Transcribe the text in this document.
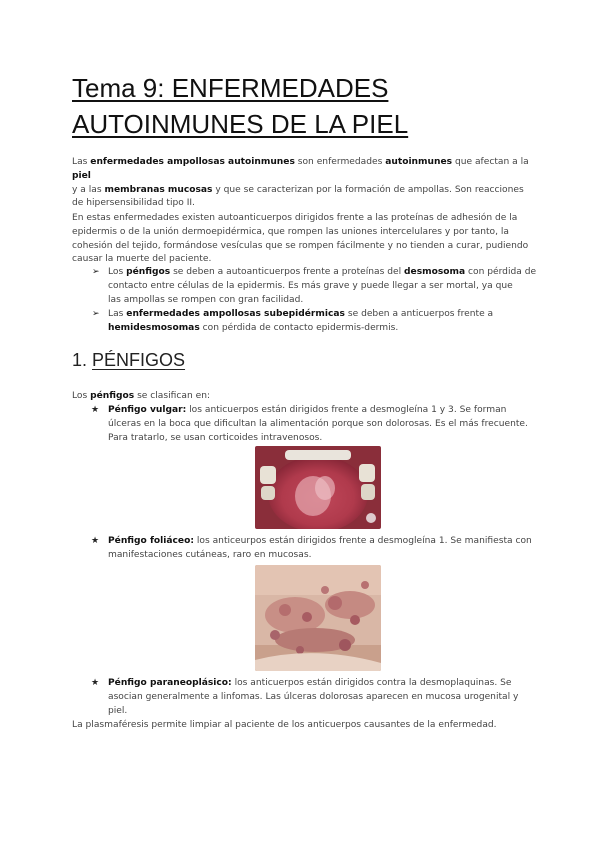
Tema 9: ENFERMEDADES
AUTOINMUNES DE LA PIEL
Las enfermedades ampollosas autoinmunes son enfermedades autoinmunes que afectan a la piel
y a las membranas mucosas y que se caracterizan por la formación de ampollas. Son reacciones
de hipersensibilidad tipo II.
En estas enfermedades existen autoanticuerpos dirigidos frente a las proteínas de adhesión de la
epidermis o de la unión dermoepidérmica, que rompen las uniones intercelulares y por tanto, la
cohesión del tejido, formándose vesículas que se rompen fácilmente y no tienden a curar, pudiendo
causar la muerte del paciente.
➢ Los pénfigos se deben a autoanticuerpos frente a proteínas del desmosoma con pérdida de
contacto entre células de la epidermis. Es más grave y puede llegar a ser mortal, ya que
las ampollas se rompen con gran facilidad.
➢ Las enfermedades ampollosas subepidérmicas se deben a anticuerpos frente a
hemidesmosomas con pérdida de contacto epidermis-dermis.
1. PÉNFIGOS
Los pénfigos se clasifican en:
★ Pénfigo vulgar: los anticuerpos están dirigidos frente a desmogleína 1 y 3. Se forman
úlceras en la boca que dificultan la alimentación porque son dolorosas. Es el más frecuente.
Para tratarlo, se usan corticoides intravenosos.
★ Pénfigo foliáceo: los anticeurpos están dirigidos frente a desmogleína 1. Se manifiesta con
manifestaciones cutáneas, raro en mucosas.
★ Pénfigo paraneoplásico: los anticuerpos están dirigidos contra la desmoplaquinas. Se
asocian generalmente a linfomas. Las úlceras dolorosas aparecen en mucosa urogenital y
piel.
La plasmaféresis permite limpiar al paciente de los anticuerpos causantes de la enfermedad.
